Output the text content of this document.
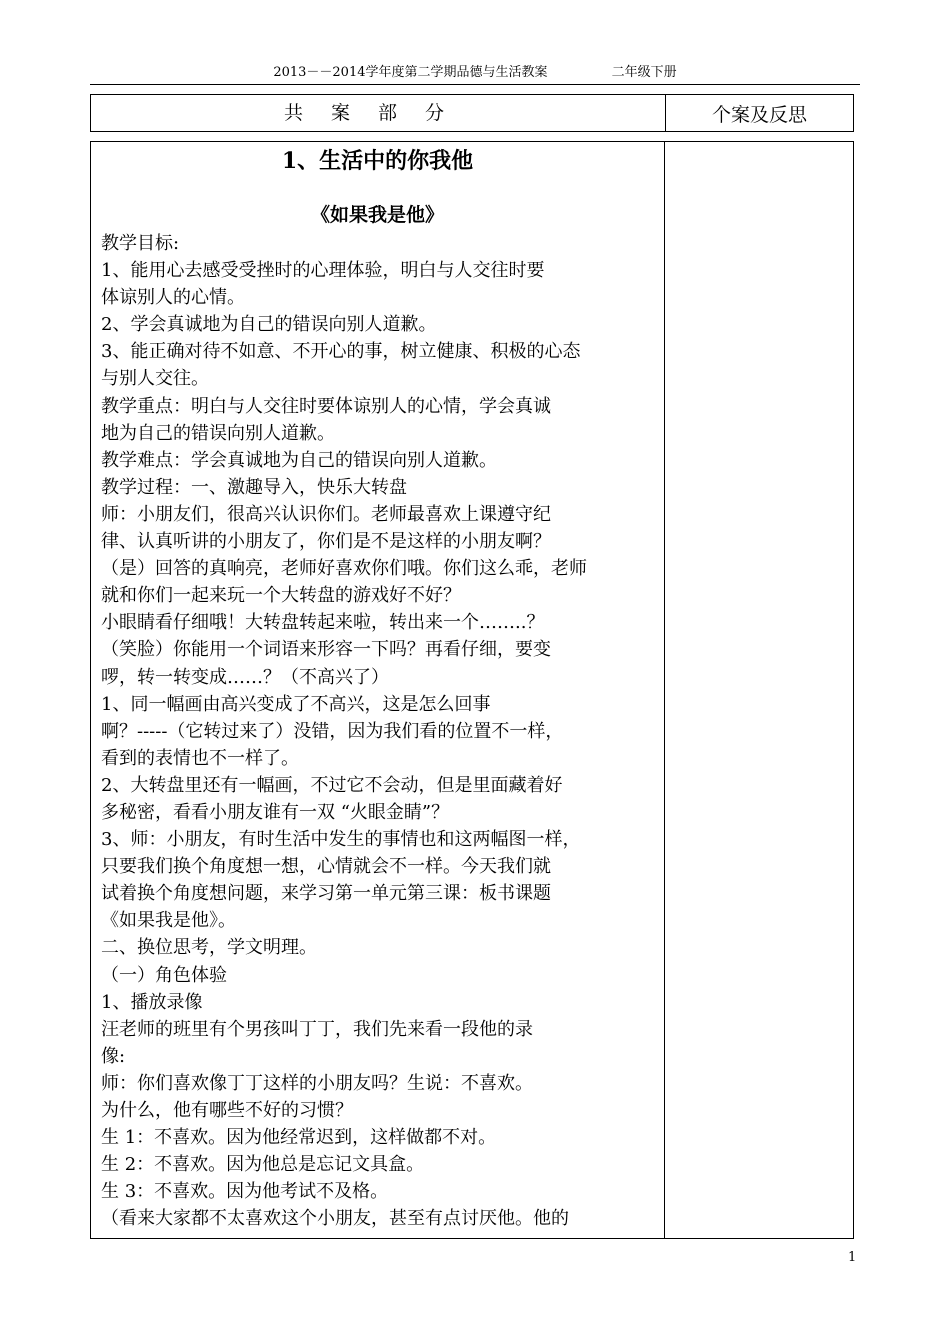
2013－－2014学年度第二学期品德与生活教案	二年级下册
共案部分	个案及反思
1、生活中的你我他
《如果我是他》

教学目标:

1、能用心去感受受挫时的心理体验，明白与人交往时要

体谅别人的心情。

2、学会真诚地为自己的错误向别人道歉。

3、能正确对待不如意、不开心的事，树立健康、积极的心态

与别人交往。

教学重点：明白与人交往时要体谅别人的心情，学会真诚

地为自己的错误向别人道歉。

教学难点：学会真诚地为自己的错误向别人道歉。

教学过程：一、激趣导入，快乐大转盘

师：小朋友们，很高兴认识你们。老师最喜欢上课遵守纪

律、认真听讲的小朋友了，你们是不是这样的小朋友啊？

（是）回答的真响亮，老师好喜欢你们哦。你们这么乖，老师

就和你们一起来玩一个大转盘的游戏好不好？

小眼睛看仔细哦！大转盘转起来啦，转出来一个……..？

（笑脸）你能用一个词语来形容一下吗？再看仔细，要变

啰，转一转变成……？（不高兴了）

1、同一幅画由高兴变成了不高兴，这是怎么回事

啊？-----（它转过来了）没错，因为我们看的位置不一样，

看到的表情也不一样了。

2、大转盘里还有一幅画，不过它不会动，但是里面藏着好

多秘密，看看小朋友谁有一双 “火眼金睛”？

3、师：小朋友，有时生活中发生的事情也和这两幅图一样，

只要我们换个角度想一想，心情就会不一样。今天我们就

试着换个角度想问题，来学习第一单元第三课：板书课题

《如果我是他》。

二、换位思考，学文明理。

（一）角色体验

1、播放录像

汪老师的班里有个男孩叫丁丁，我们先来看一段他的录

像:

师：你们喜欢像丁丁这样的小朋友吗？生说：不喜欢。

为什么，他有哪些不好的习惯？

生 1：不喜欢。因为他经常迟到，这样做都不对。

生 2：不喜欢。因为他总是忘记文具盒。

生 3：不喜欢。因为他考试不及格。

（看来大家都不太喜欢这个小朋友，甚至有点讨厌他。他的

1
